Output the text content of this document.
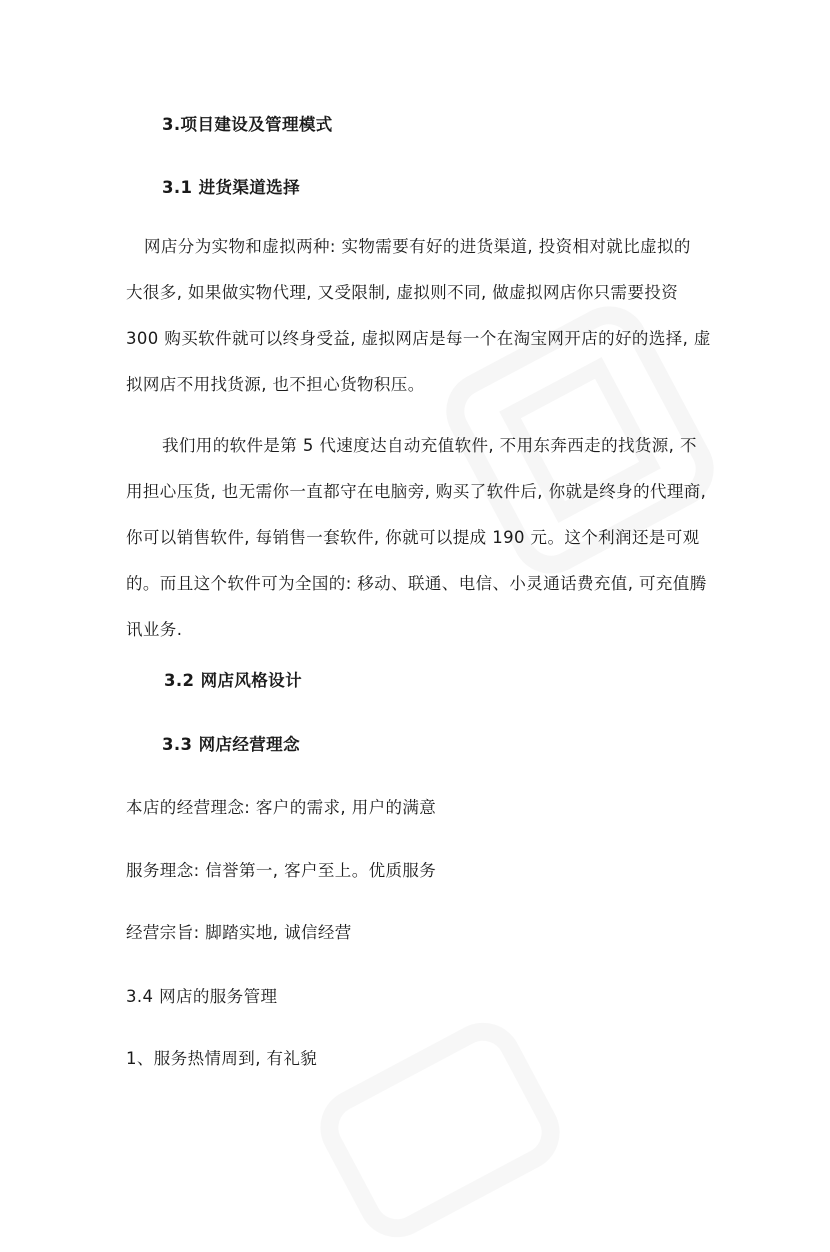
3.项目建设及管理模式
3.1 进货渠道选择
网店分为实物和虚拟两种: 实物需要有好的进货渠道, 投资相对就比虚拟的
大很多, 如果做实物代理, 又受限制, 虚拟则不同, 做虚拟网店你只需要投资
300 购买软件就可以终身受益, 虚拟网店是每一个在淘宝网开店的好的选择, 虚
拟网店不用找货源, 也不担心货物积压。
我们用的软件是第 5 代速度达自动充值软件, 不用东奔西走的找货源, 不
用担心压货, 也无需你一直都守在电脑旁, 购买了软件后, 你就是终身的代理商,
你可以销售软件, 每销售一套软件, 你就可以提成 190 元。这个利润还是可观
的。而且这个软件可为全国的: 移动、联通、电信、小灵通话费充值, 可充值腾
讯业务.
3.2 网店风格设计
3.3 网店经营理念
本店的经营理念: 客户的需求, 用户的满意
服务理念: 信誉第一, 客户至上。优质服务
经营宗旨: 脚踏实地, 诚信经营
3.4 网店的服务管理
1、服务热情周到, 有礼貌
